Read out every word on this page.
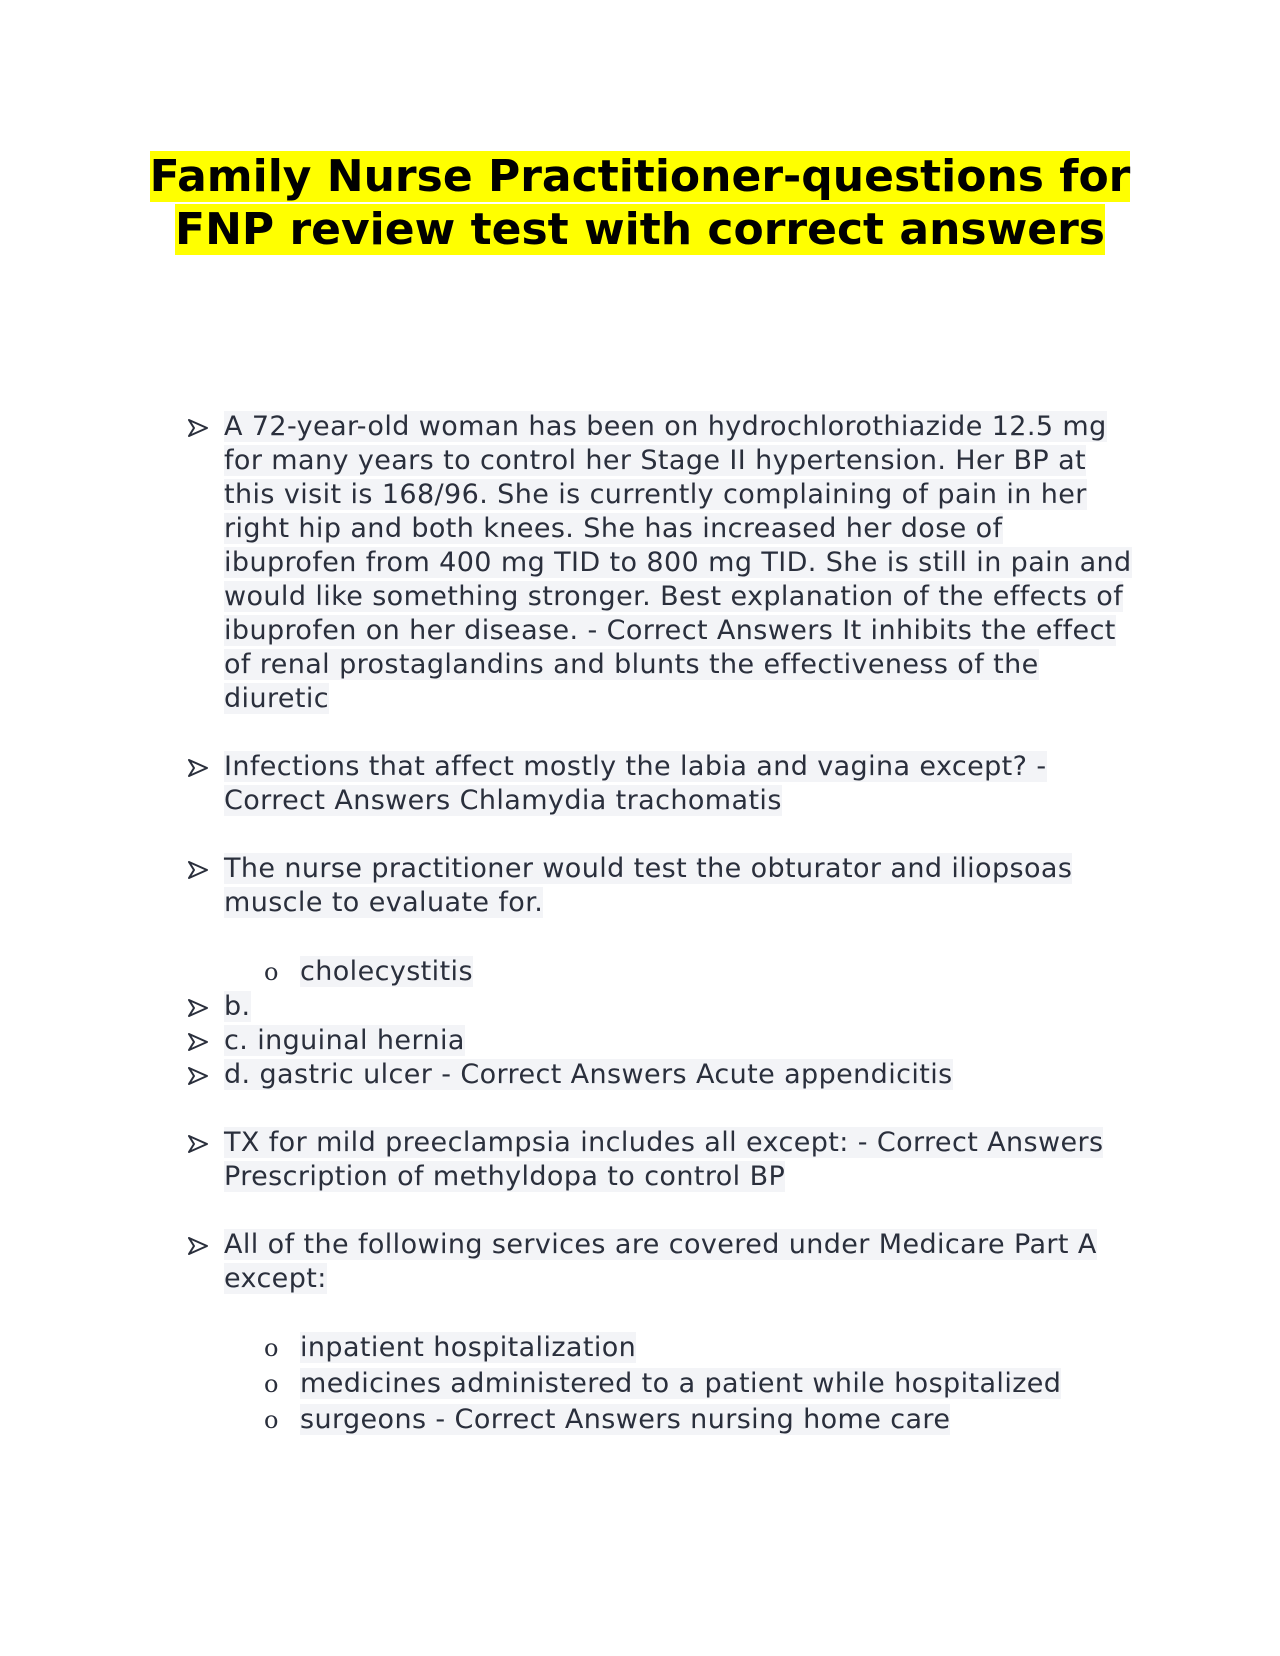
Family Nurse Practitioner-questions for FNP review test with correct answers
A 72-year-old woman has been on hydrochlorothiazide 12.5 mg for many years to control her Stage II hypertension. Her BP at this visit is 168/96. She is currently complaining of pain in her right hip and both knees. She has increased her dose of ibuprofen from 400 mg TID to 800 mg TID. She is still in pain and would like something stronger. Best explanation of the effects of ibuprofen on her disease. - Correct Answers It inhibits the effect of renal prostaglandins and blunts the effectiveness of the diuretic
Infections that affect mostly the labia and vagina except? - Correct Answers Chlamydia trachomatis
The nurse practitioner would test the obturator and iliopsoas muscle to evaluate for.
o cholecystitis
b.
c. inguinal hernia
d. gastric ulcer - Correct Answers Acute appendicitis
TX for mild preeclampsia includes all except: - Correct Answers Prescription of methyldopa to control BP
All of the following services are covered under Medicare Part A except:
o inpatient hospitalization
o medicines administered to a patient while hospitalized
o surgeons - Correct Answers nursing home care
